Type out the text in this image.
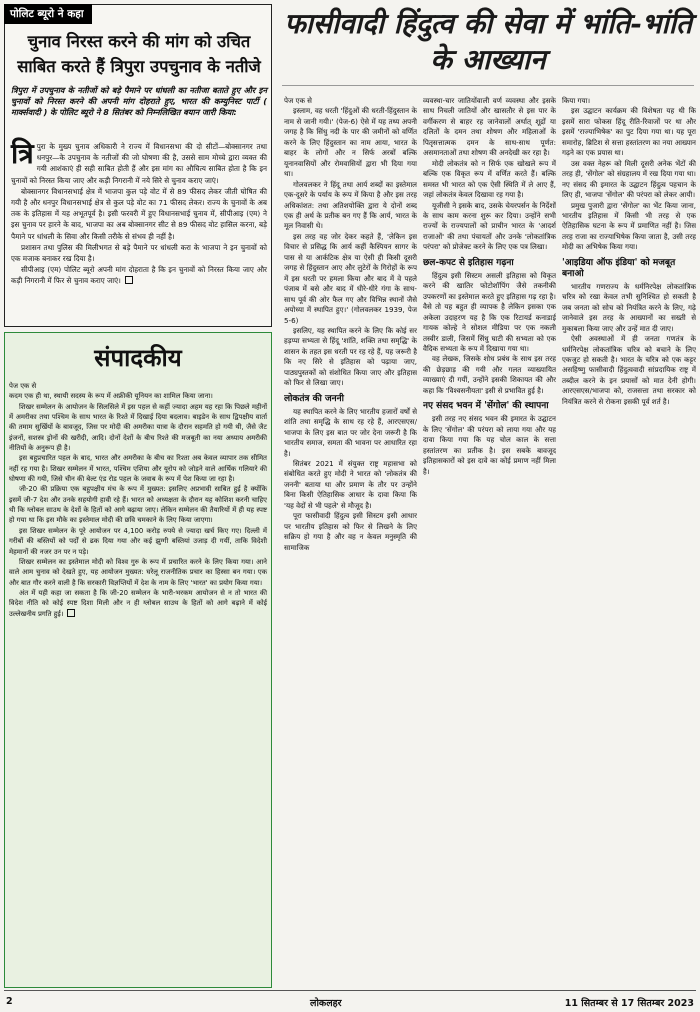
पोलिट ब्यूरो ने कहा
चुनाव निरस्त करने की मांग को उचित साबित करते हैं त्रिपुरा उपचुनाव के नतीजे
त्रिपुरा में उपचुनाव के नतीजों को बड़े पैमाने पर धांधली का नतीजा बताते हुए और इन चुनावों को निरस्त करने की अपनी मांग दोहराते हुए, भारत की कम्युनिस्ट पार्टी ( मार्क्सवादी ) के पोलिट ब्यूरो ने 8 सितंबर को निम्नलिखित बयान जारी किया:
त्रि पुरा के मुख्य चुनाव अधिकारी ने राज्य में विधानसभा की दो सीटों—बोक्सानगर तथा धनपुर—के उपचुनाव के नतीजों की जो घोषणा की है, उससे साम मोच्चे द्वारा व्यक्त की गयी आशंकाएं ही सही साबित होती हैं और इस मांग का औचित्य साबित होता है कि इन चुनावों को निरस्त किया जाए और कड़ी निगरानी में नये सिरे से चुनाव कराए जाएं।

बोक्सानगर विधानसभाई क्षेत्र में भाजपा कुल पड़े वोट में से 89 फीसद लेकर जीती घोषित की गयी है और धनपुर विधानसभाई क्षेत्र से कुल पड़े वोट का 71 फीसद लेकर। राज्य के चुनावों के अब तक के इतिहास में यह अभूतपूर्व है। इसी फरवरी में हुए विधानसभाई चुनाव में, सीपीआइ (एम) ने इस चुनाव पर हारने के बाद, भाजपा का अब बोक्सानगर सीट से 89 फीसद वोट हासिल करना, बड़े पैमाने पर धांधली के सिवा और किसी तरीके से संभव ही नहीं है।

प्रशासन तथा पुलिस की मिलीभगत से बड़े पैमाने पर धांधली करा के भाजपा ने इन चुनावों को एक मजाक बनाकर रख दिया है।

सीपीआइ (एम) पोलिट ब्यूरो अपनी मांग दोहराता है कि इन चुनावों को निरस्त किया जाए और कड़ी निगरानी में फिर से चुनाव कराए जाएं।

फासीवादी हिंदुत्व की सेवा में भांति-भांति के आख्यान
संपादकीय

पेज एक से

कदम एक ही था, स्थायी सदस्य के रूप में अफ्रीकी यूनियन का शामिल किया जाना।

शिखर सम्मेलन के आयोजन के सिलसिले में इस पहल से कहीं ज्यादा अहम यह रहा कि पिछले महीनों में अमरीका तथा पश्चिम के साथ भारत के रिश्ते में दिखाई दिया बदलाव। बाइडेन के साथ द्विपक्षीय वार्ता की तमाम सुर्खियों के बावजूद, जिस पर मोदी की अमरीका यात्रा के दौरान सहमति हो गयी थी, जैसे जैट इंजनों, सशस्त्र ड्रोनों की खरीदी, आदि। दोनों देशों के बीच रिश्ते की मजबूती का नया अध्याय अमरीकी नीतियों के अनुरूप ही है।

इस बहुप्रचारित पहल के बाद, भारत और अमरीका के बीच का रिश्ता अब केवल व्यापार तक सीमित नहीं रह गया है। शिखर सम्मेलन में भारत, पश्चिम एशिया और यूरोप को जोड़ने वाले आर्थिक गलियारे की घोषणा की गयी, जिसे चीन की बेल्ट एंड रोड पहल के जवाब के रूप में पेश किया जा रहा है।

जी-20 की प्रक्रिया एक बहुपक्षीय मंच के रूप में मुख्यत: इसलिए अप्रभावी साबित हुई है क्योंकि इसमें जी-7 देश और उनके सहयोगी हावी रहे हैं। भारत को अध्यक्षता के दौरान यह कोशिश करनी चाहिए थी कि ग्लोबल साउथ के देशों के हितों को आगे बढ़ाया जाए। लेकिन सम्मेलन की तैयारियों में ही यह स्पष्ट हो गया था कि इस मौके का इस्तेमाल मोदी की छवि चमकाने के लिए किया जाएगा।

इस शिखर सम्मेलन के पूरे आयोजन पर 4,100 करोड़ रुपये से ज्यादा खर्च किए गए। दिल्ली में गरीबों की बस्तियों को पर्दों से ढक दिया गया और कई झुग्गी बस्तियां उजाड़ दी गयीं, ताकि विदेशी मेहमानों की नजर उन पर न पड़े।

शिखर सम्मेलन का इस्तेमाल मोदी को विश्व गुरु के रूप में प्रचारित करने के लिए किया गया। आने वाले आम चुनाव को देखते हुए, यह आयोजन मुख्यत: घरेलू राजनीतिक प्रचार का हिस्सा बन गया। एक और बात गौर करने वाली है कि सरकारी विज्ञप्तियों में देश के नाम के लिए 'भारत' का प्रयोग किया गया।

अंत में यही कहा जा सकता है कि जी-20 सम्मेलन के भारी-भरकम आयोजन से न तो भारत की विदेश नीति को कोई स्पष्ट दिशा मिली और न ही ग्लोबल साउथ के हितों को आगे बढ़ाने में कोई उल्लेखनीय प्रगति हुई।

पेज एक से

इस्लाम, वह धरती 'हिंदुओं की धरती-हिंदुस्तान के नाम से जानी गयी।' (पेज-6) ऐसे में यह तथ्य अपनी जगह है कि सिंधु नदी के पार की जमीनों को वर्णित करने के लिए हिंदुस्तान का नाम आया, भारत के बाहर के लोगों और न सिर्फ अरबों बल्कि यूनानवासियों और रोमवासियों द्वारा भी दिया गया था।

गोलवलकर ने हिंदू तथा आर्य शब्दों का इस्तेमाल एक-दूसरे के पर्याय के रूप में किया है और इस तरह अधिकांशत: तथा अतिशयोक्ति द्वारा ये दोनों शब्द एक ही अर्थ के प्रतीक बन गए हैं कि आर्य, भारत के मूल निवासी थे।

इस तरह वह जोर देकर कहते हैं, 'लेकिन इस विचार से प्रसिद्ध कि आर्य कहीं कैस्पियन सागर के पास से या आर्कटिक क्षेत्र या ऐसी ही किसी दूसरी जगह से हिंदुस्तान आए और लुटेरों के गिरोहों के रूप में इस धरती पर हमला किया और बाद में वे पहले पंजाब में बसे और बाद में धीरे-धीरे गंगा के साथ-साथ पूर्व की ओर फैल गए और विभिन्न स्थानों जैसे अयोध्या में स्थापित हुए।' (गोलवलकर 1939, पेज 5-6)

इसलिए, यह स्थापित करने के लिए कि कोई सर हड़प्पा सभ्यता से हिंदू 'शांति, शक्ति तथा समृद्धि' के शासन के तहत इस धरती पर रह रहे हैं, यह जरूरी है कि नए सिरे से इतिहास को पढ़ाया जाए, पाठ्यपुस्तकों को संशोधित किया जाए और इतिहास को फिर से लिखा जाए।

लोकतंत्र की जननी

यह स्थापित करने के लिए भारतीय हजारों वर्षों से शांति तथा समृद्धि के साथ रह रहे हैं, आरएसएस/भाजपा के लिए इस बात पर जोर देना जरूरी है कि भारतीय समाज, समता की भावना पर आधारित रहा है।

सितंबर 2021 में संयुक्त राष्ट्र महासभा को संबोधित करते हुए मोदी ने भारत को 'लोकतंत्र की जननी' बताया था और प्रमाण के तौर पर उन्होंने बिना किसी ऐतिहासिक आधार के दावा किया कि 'यह वेदों से भी पहले' से मौजूद है।

पूरा फासीवादी हिंदुत्व इसी सिस्टम इसी आधार पर भारतीय इतिहास को फिर से लिखने के लिए सक्रिय हो गया है और वह न केवल मनुस्मृति की सामाजिक

व्यवस्था-चार जातियोंवाली वर्ण व्यवस्था और इसके साथ निचली जातियों और खासतौर से इस पार के वर्गीकरण से बाहर रह जानेवालों अर्थात् शूद्रों या दलितों के दमन तथा शोषण और महिलाओं के पितृसत्तात्मक दमन के साथ-साथ पूर्णत: असमानताओं तथा शोषण की अनदेखी कर रहा है।

मोदी लोकतंत्र को न सिर्फ एक खोखले रूप में बल्कि एक विकृत रूप में वर्णित करते हैं। बल्कि समस्त भी भारत को एक ऐसी स्थिति में ले आए हैं, जहां लोकतंत्र केवल दिखावा रह गया है।

यूजीसी ने इसके बाद, उसके चेयरपर्सन के निर्देशों के साथ काम करना शुरू कर दिया। उन्होंने सभी राज्यों के राज्यपालों को प्राचीन भारत के 'आदर्श राजाओं' की तथा पंचायतों और उनके 'लोकतांत्रिक परंपरा' को प्रोजेक्ट करने के लिए एक पत्र लिखा।

छल-कपट से इतिहास गढ़ना

हिंदुत्व इसी सिस्टम असली इतिहास को विकृत करने की खातिर फोटोशॉपिंग जैसे तकनीकी उपकरणों का इस्तेमाल करते हुए इतिहास गढ़ रहा है। वैसे तो यह बहुत ही व्यापक है लेकिन इसका एक अकेला उदाहरण यह है कि एक रिटायर्ड कनाडाई गायक कोल्हे ने सोशल मीडिया पर एक नकली तस्वीर डाली, जिसमें सिंधु घाटी की सभ्यता को एक वैदिक सभ्यता के रूप में दिखाया गया था।

वह लेखक, जिसके शोध प्रबंध के साथ इस तरह की छेड़छाड़ की गयी और गलत व्याख्यायित व्याख्याएं दी गयीं, उन्होंने इसकी शिकायत की और कहा कि 'विश्वसनीयता' इसी से प्रभावित हुई है।

नए संसद भवन में 'सेंगोल' की स्थापना

इसी तरह नए संसद भवन की इमारत के उद्घाटन के लिए 'सेंगोल' की परंपरा को लाया गया और यह दावा किया गया कि यह चोल काल के सत्ता हस्तांतरण का प्रतीक है। इस सबके बावजूद इतिहासकारों को इस दावे का कोई प्रमाण नहीं मिला है।

किया गया।

इस उद्घाटन कार्यक्रम की विशेषता यह थी कि इसमें सारा फोकस हिंदू रीति-रिवाजों पर था और इसमें 'राज्याभिषेक' का पुट दिया गया था। यह पूरा समारोह, ब्रिटिश से सत्ता हस्तांतरण का नया आख्यान गढ़ने का एक प्रयास था।

उस वक्त नेहरू को मिली दूसरी अनेक भेंटों की तरह ही, 'सेंगोल' को संग्रहालय में रख दिया गया था। नए संसद की इमारत के उद्घाटन हिंदुत्व पहचान के लिए ही, भाजपा 'सेंगोल' की परंपरा को लेकर आयी।

प्रमुख पुजारी द्वारा 'सेंगोल' का भेंट किया जाना, भारतीय इतिहास में किसी भी तरह से एक ऐतिहासिक घटना के रूप में प्रमाणित नहीं है। जिस तरह राजा का राज्याभिषेक किया जाता है, उसी तरह मोदी का अभिषेक किया गया।

'आइडिया ऑफ इंडिया' को मजबूत बनाओ

भारतीय गणराज्य के धर्मनिरपेक्ष लोकतांत्रिक चरित्र को रखा केवल तभी सुनिश्चित हो सकती है जब जनता को सोच को नियंत्रित करने के लिए, गढ़े जानेवाले इस तरह के आख्यानों का सख्ती से मुकाबला किया जाए और उन्हें मात दी जाए।

ऐसी अवस्थाओं में ही जनता गणतंत्र के धर्मनिरपेक्ष लोकतांत्रिक चरित्र को बचाने के लिए एकजुट हो सकती है। भारत के चरित्र को एक कट्टर असहिष्णु फासीवादी हिंदुत्ववादी सांप्रदायिक राष्ट्र में तब्दील करने के इन प्रयासों को मात देनी होगी। आरएसएस/भाजपा को, राजसत्ता तथा सरकार को नियंत्रित करने से रोकना इसकी पूर्व शर्त है।

2	लोकलहर	11 सितम्बर से 17 सितम्बर 2023
